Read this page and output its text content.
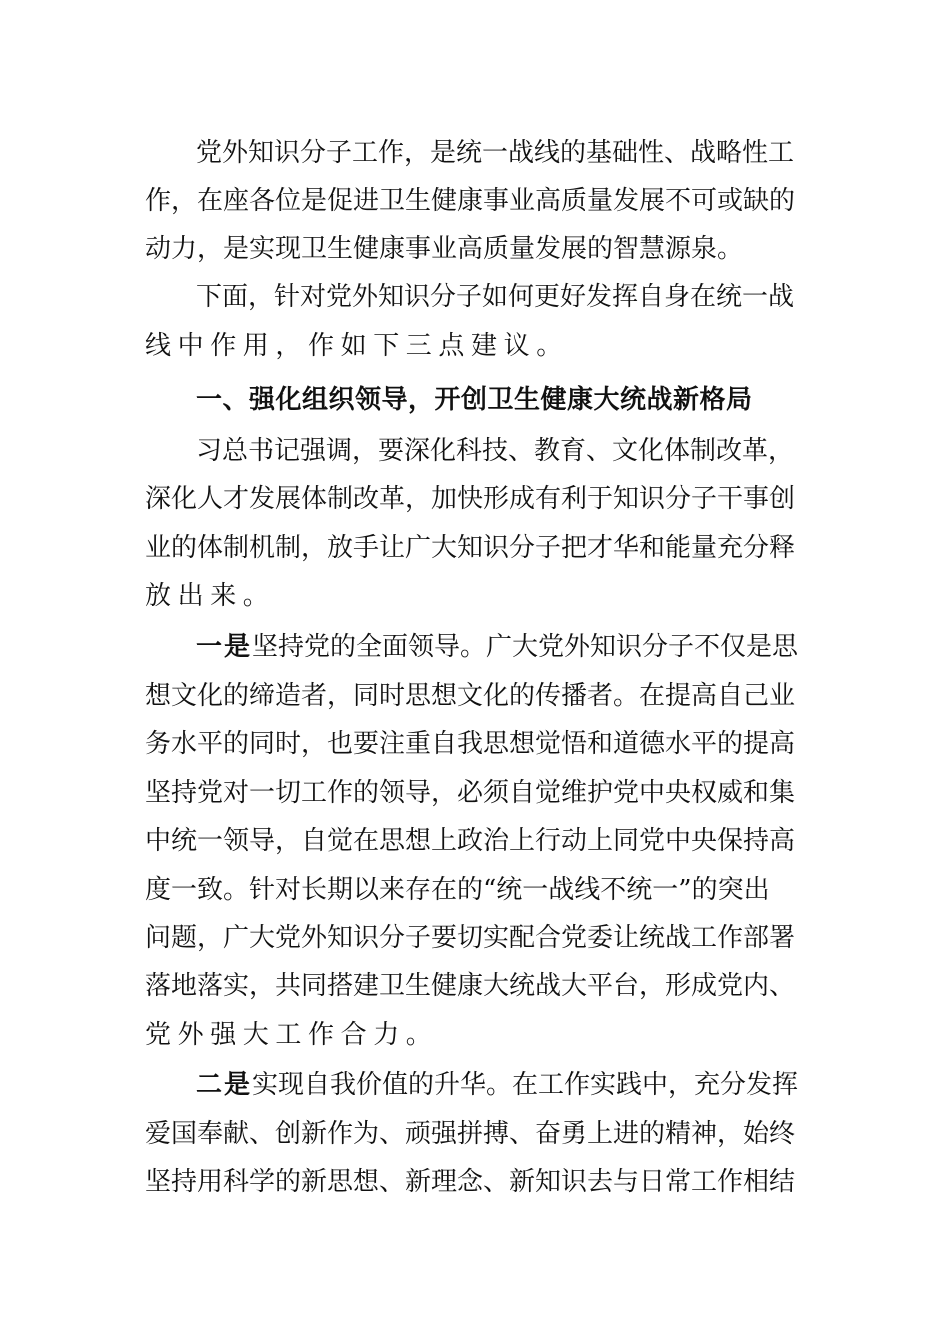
党外知识分子工作，是统一战线的基础性、战略性工
作，在座各位是促进卫生健康事业高质量发展不可或缺的
动力，是实现卫生健康事业高质量发展的智慧源泉。
下面，针对党外知识分子如何更好发挥自身在统一战
线中作用，作如下三点建议。
一、强化组织领导，开创卫生健康大统战新格局
习总书记强调，要深化科技、教育、文化体制改革，
深化人才发展体制改革，加快形成有利于知识分子干事创
业的体制机制，放手让广大知识分子把才华和能量充分释
放出来。
一是坚持党的全面领导。广大党外知识分子不仅是思
想文化的缔造者，同时思想文化的传播者。在提高自己业
务水平的同时，也要注重自我思想觉悟和道德水平的提高
坚持党对一切工作的领导，必须自觉维护党中央权威和集
中统一领导，自觉在思想上政治上行动上同党中央保持高
度一致。针对长期以来存在的“统一战线不统一”的突出
问题，广大党外知识分子要切实配合党委让统战工作部署
落地落实，共同搭建卫生健康大统战大平台，形成党内、
党外强大工作合力。
二是实现自我价值的升华。在工作实践中，充分发挥
爱国奉献、创新作为、顽强拼搏、奋勇上进的精神，始终
坚持用科学的新思想、新理念、新知识去与日常工作相结
